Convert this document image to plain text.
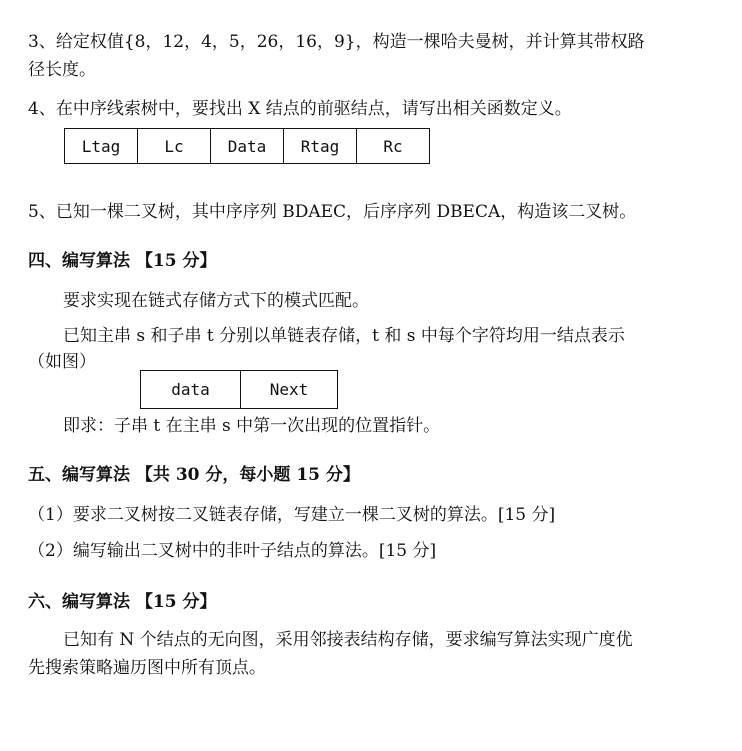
3、给定权值{8，12，4，5，26，16，9}，构造一棵哈夫曼树，并计算其带权路
径长度。
4、在中序线索树中，要找出 X 结点的前驱结点，请写出相关函数定义。
Ltag	Lc	Data	Rtag	Rc
5、已知一棵二叉树，其中序序列 BDAEC，后序序列 DBECA，构造该二叉树。
四、编写算法 【15 分】
要求实现在链式存储方式下的模式匹配。
已知主串 s 和子串 t 分别以单链表存储，t 和 s 中每个字符均用一结点表示
（如图）
data	Next
即求：子串 t 在主串 s 中第一次出现的位置指针。
五、编写算法 【共 30 分，每小题 15 分】
（1）要求二叉树按二叉链表存储，写建立一棵二叉树的算法。[15 分]
（2）编写输出二叉树中的非叶子结点的算法。[15 分]
六、编写算法 【15 分】
已知有 N 个结点的无向图，采用邻接表结构存储，要求编写算法实现广度优
先搜索策略遍历图中所有顶点。
